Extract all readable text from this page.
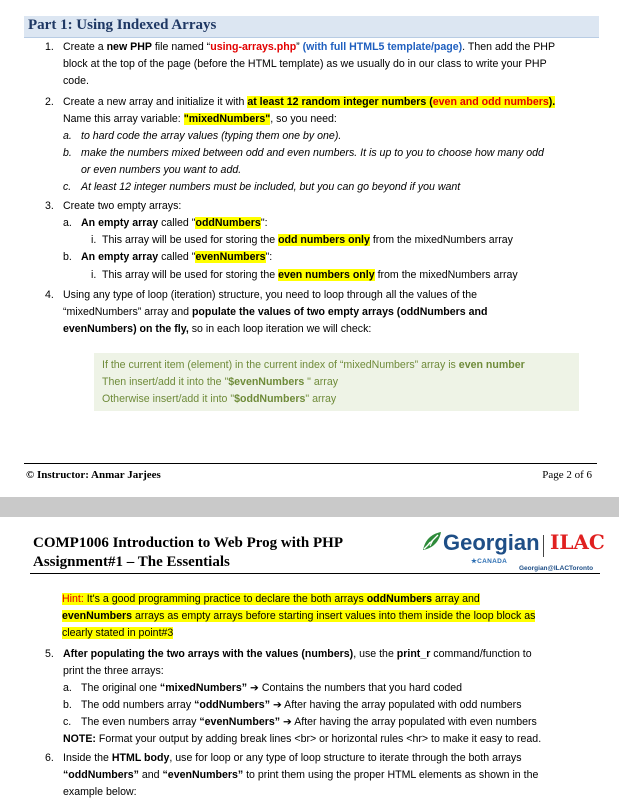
Part 1: Using Indexed Arrays
1. Create a new PHP file named “using-arrays.php” (with full HTML5 template/page). Then add the PHP
block at the top of the page (before the HTML template) as we usually do in our class to write your PHP
code.
2. Create a new array and initialize it with at least 12 random integer numbers (even and odd numbers).
Name this array variable: "mixedNumbers", so you need:
a. to hard code the array values (typing them one by one).
b. make the numbers mixed between odd and even numbers. It is up to you to choose how many odd
or even numbers you want to add.
c. At least 12 integer numbers must be included, but you can go beyond if you want
3. Create two empty arrays:
a. An empty array called "oddNumbers":
i. This array will be used for storing the odd numbers only from the mixedNumbers array
b. An empty array called "evenNumbers":
i. This array will be used for storing the even numbers only from the mixedNumbers array
4. Using any type of loop (iteration) structure, you need to loop through all the values of the
“mixedNumbers” array and populate the values of two empty arrays (oddNumbers and
evenNumbers) on the fly, so in each loop iteration we will check:
If the current item (element) in the current index of “mixedNumbers” array is even number
Then insert/add it into the "$evenNumbers " array
Otherwise insert/add it into "$oddNumbers" array
© Instructor: Anmar Jarjees	Page 2 of 6
COMP1006 Introduction to Web Prog with PHP
Assignment#1 – The Essentials
Georgian
★CANADA
ILAC
Georgian@ILACToronto
Hint: It's a good programming practice to declare the both arrays oddNumbers array and
evenNumbers arrays as empty arrays before starting insert values into them inside the loop block as
clearly stated in point#3
5. After populating the two arrays with the values (numbers), use the print_r command/function to
print the three arrays:
a. The original one “mixedNumbers” ➔ Contains the numbers that you hard coded
b. The odd numbers array “oddNumbers” ➔ After having the array populated with odd numbers
c. The even numbers array “evenNumbers” ➔ After having the array populated with even numbers
NOTE: Format your output by adding break lines <br> or horizontal rules <hr> to make it easy to read.
6. Inside the HTML body, use for loop or any type of loop structure to iterate through the both arrays
“oddNumbers” and “evenNumbers” to print them using the proper HTML elements as shown in the
example below:
